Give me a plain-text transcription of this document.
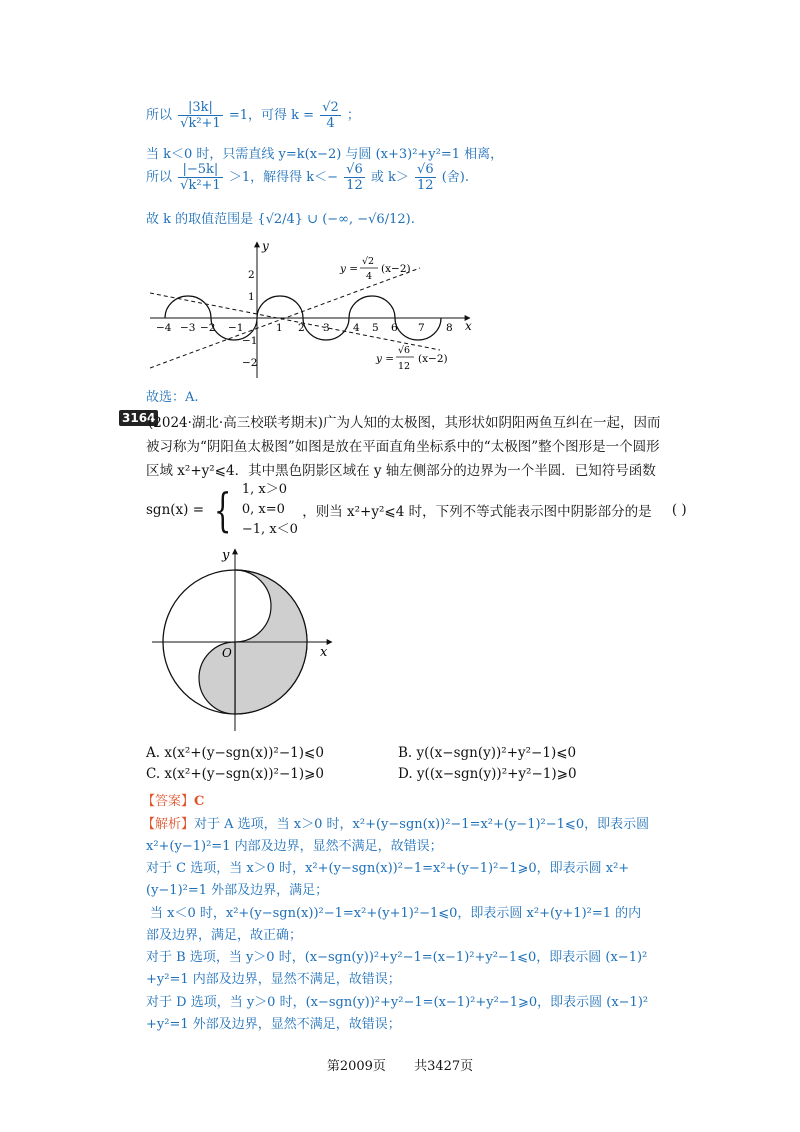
所以 $\frac{|3k|}{\text{√k²+1}} =1$，可得 $k = \frac{√2}{4}$ ；
当 k＜0 时，只需直线 y=k(x−2) 与圆 (x+3)²+y²=1 相离，
所以 $\frac{|-5k|}{\text{√k²+1}} >1$，解得得 $k<- \frac{√6}{12}$ 或 $k> \frac{√6}{12}$ (舍).
故 k 的取值范围是 {√2/4} ∪ (−∞, −√6/12).
x
y
−4 −3 −2 −1	1 2 3 4 5 6 7 8
2
1
−1
−2
y =
√2
4
(x−2)
y =
√6
12
(x−2)
故选：A.
3164
(2024·湖北·高三校联考期末)广为人知的太极图，其形状如阴阳两鱼互纠在一起，因而
被习称为“阴阳鱼太极图”如图是放在平面直角坐标系中的“太极图”整个图形是一个圆形
区域 x²+y²⩽4．其中黑色阴影区域在 y 轴左侧部分的边界为一个半圆．已知符号函数
sgn(x) = { 1, x＞0
0, x=0
−1, x＜0
，则当 x²+y²⩽4 时，下列不等式能表示图中阴影部分的是 ( )
x
y
O
A. x(x²+(y−sgn(x))²−1)⩽0	B. y((x−sgn(y))²+y²−1)⩽0
C. x(x²+(y−sgn(x))²−1)⩾0	D. y((x−sgn(y))²+y²−1)⩾0
【答案】C
【解析】对于 A 选项，当 x＞0 时，x²+(y−sgn(x))²−1=x²+(y−1)²−1⩽0，即表示圆
x²+(y−1)²=1 内部及边界，显然不满足，故错误；
对于 C 选项，当 x＞0 时，x²+(y−sgn(x))²−1=x²+(y−1)²−1⩾0，即表示圆 x²+
(y−1)²=1 外部及边界，满足；
当 x＜0 时，x²+(y−sgn(x))²−1=x²+(y+1)²−1⩽0，即表示圆 x²+(y+1)²=1 的内
部及边界，满足，故正确；
对于 B 选项，当 y＞0 时，(x−sgn(y))²+y²−1=(x−1)²+y²−1⩽0，即表示圆 (x−1)²
+y²=1 内部及边界，显然不满足，故错误；
对于 D 选项，当 y＞0 时，(x−sgn(y))²+y²−1=(x−1)²+y²−1⩾0，即表示圆 (x−1)²
+y²=1 外部及边界，显然不满足，故错误；
第2009页 共3427页
